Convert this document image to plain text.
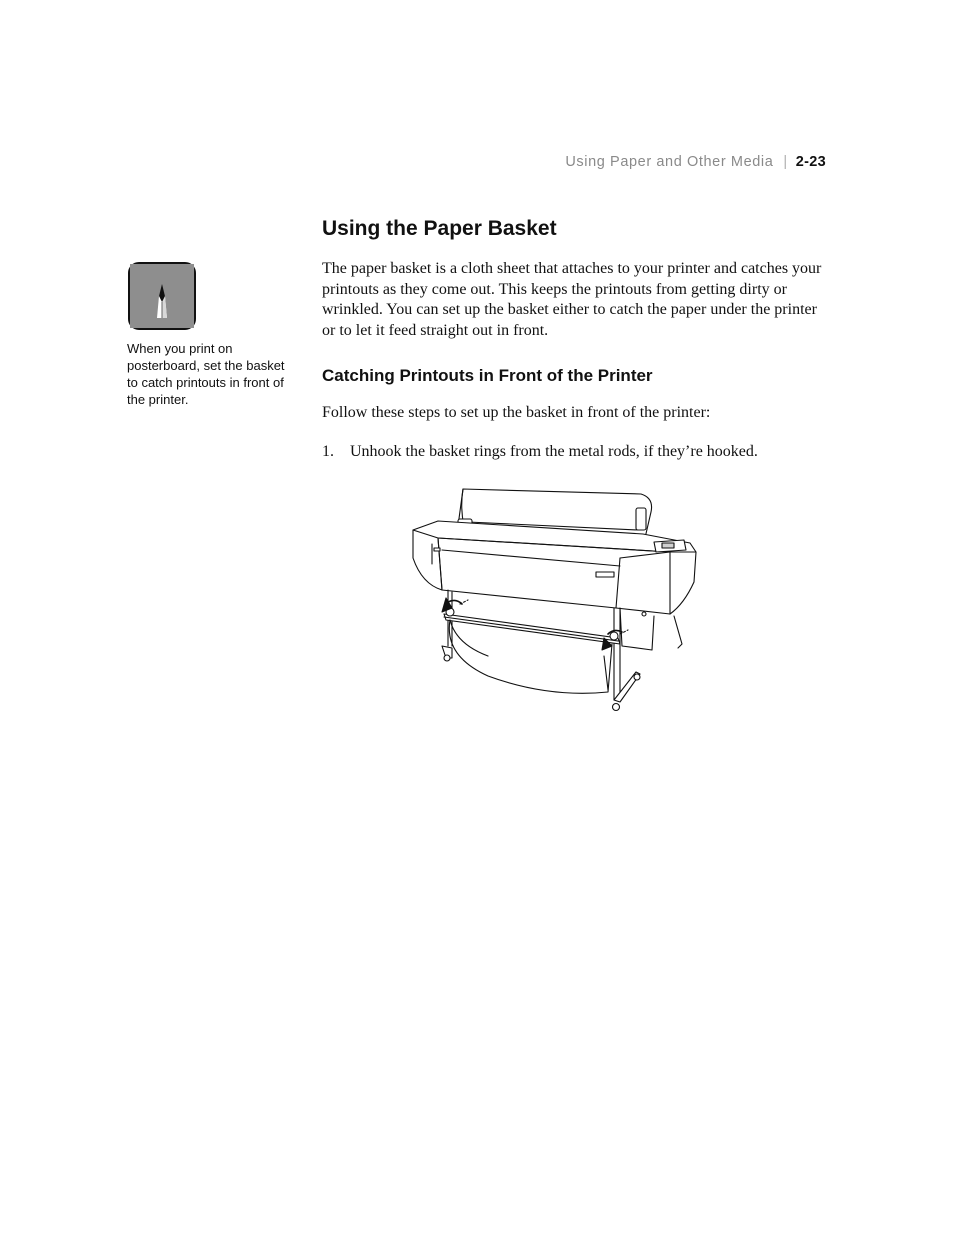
Using Paper and Other Media | 2-23
When you print on posterboard, set the basket to catch printouts in front of the printer.
Using the Paper Basket

The paper basket is a cloth sheet that attaches to your printer and catches your printouts as they come out. This keeps the printouts from getting dirty or wrinkled. You can set up the basket either to catch the paper under the printer or to let it feed straight out in front.

Catching Printouts in Front of the Printer

Follow these steps to set up the basket in front of the printer:

1. Unhook the basket rings from the metal rods, if they’re hooked.
